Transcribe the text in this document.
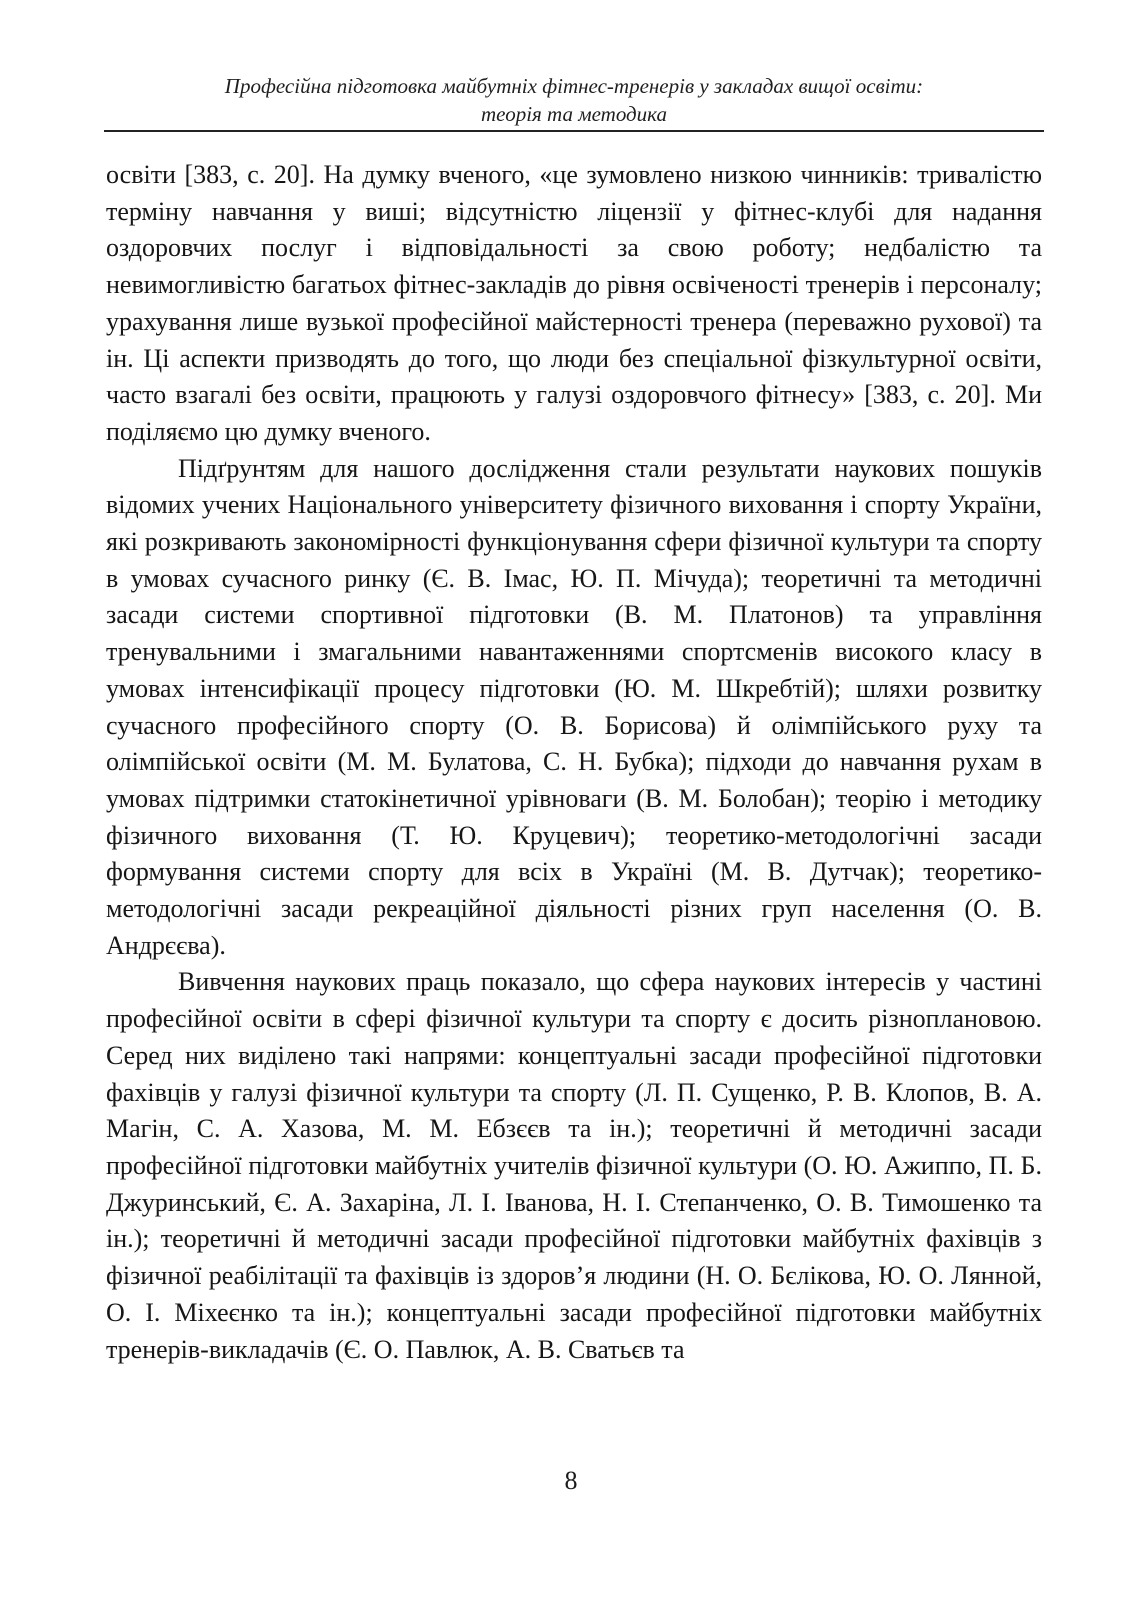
Професійна підготовка майбутніх фітнес-тренерів у закладах вищої освіти:
теорія та методика

освіти [383, с. 20]. На думку вченого, «це зумовлено низкою чинників: тривалістю терміну навчання у виші; відсутністю ліцензії у фітнес-клубі для надання оздоровчих послуг і відповідальності за свою роботу; недбалістю та невимогливістю багатьох фітнес-закладів до рівня освіченості тренерів і персоналу; урахування лише вузької професійної майстерності тренера (переважно рухової) та ін. Ці аспекти призводять до того, що люди без спеціальної фізкультурної освіти, часто взагалі без освіти, працюють у галузі оздоровчого фітнесу» [383, с. 20]. Ми поділяємо цю думку вченого.

Підґрунтям для нашого дослідження стали результати наукових пошуків відомих учених Національного університету фізичного виховання і спорту України, які розкривають закономірності функціонування сфери фізичної культури та спорту в умовах сучасного ринку (Є. В. Імас, Ю. П. Мічуда); теоретичні та методичні засади системи спортивної підготовки (В. М. Платонов) та управління тренувальними і змагальними навантаженнями спортсменів високого класу в умовах інтенсифікації процесу підготовки (Ю. М. Шкребтій); шляхи розвитку сучасного професійного спорту (О. В. Борисова) й олімпійського руху та олімпійської освіти (М. М. Булатова, С. Н. Бубка); підходи до навчання рухам в умовах підтримки статокінетичної урівноваги (В. М. Болобан); теорію і методику фізичного виховання (Т. Ю. Круцевич); теоретико-методологічні засади формування системи спорту для всіх в Україні (М. В. Дутчак); теоретико-методологічні засади рекреаційної діяльності різних груп населення (О. В. Андрєєва).

Вивчення наукових праць показало, що сфера наукових інтересів у частині професійної освіти в сфері фізичної культури та спорту є досить різноплановою. Серед них виділено такі напрями: концептуальні засади професійної підготовки фахівців у галузі фізичної культури та спорту (Л. П. Сущенко, Р. В. Клопов, В. А. Магін, С. А. Хазова, М. М. Ебзєєв та ін.); теоретичні й методичні засади професійної підготовки майбутніх учителів фізичної культури (О. Ю. Ажиппо, П. Б. Джуринський, Є. А. Захаріна, Л. І. Іванова, Н. І. Степанченко, О. В. Тимошенко та ін.); теоретичні й методичні засади професійної підготовки майбутніх фахівців з фізичної реабілітації та фахівців із здоров’я людини (Н. О. Бєлікова, Ю. О. Лянной, О. І. Міхеєнко та ін.); концептуальні засади професійної підготовки майбутніх тренерів-викладачів (Є. О. Павлюк, А. В. Сватьєв та

8
